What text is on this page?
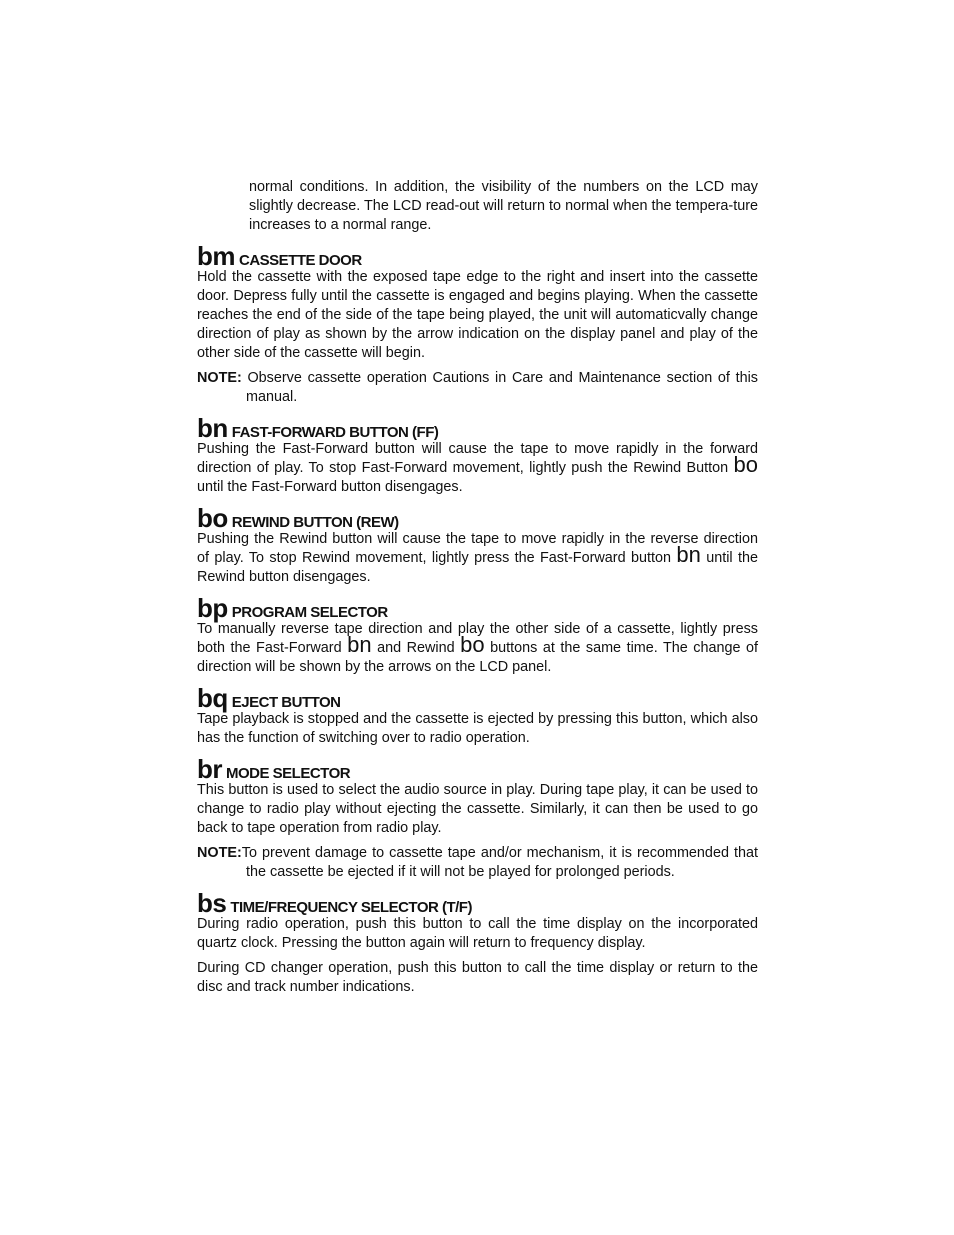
normal conditions. In addition, the visibility of the numbers on the LCD may slightly decrease. The LCD read-out will return to normal when the tempera-ture increases to a normal range.
bm CASSETTE DOOR

Hold the cassette with the exposed tape edge to the right and insert into the cassette door. Depress fully until the cassette is engaged and begins playing. When the cassette reaches the end of the side of the tape being played, the unit will automaticvally change direction of play as shown by the arrow indication on the display panel and play of the other side of the cassette will begin.

NOTE: Observe cassette operation Cautions in Care and Maintenance section of this manual.
bn FAST-FORWARD BUTTON (FF)

Pushing the Fast-Forward button will cause the tape to move rapidly in the forward direction of play. To stop Fast-Forward movement, lightly push the Rewind Button bo until the Fast-Forward button disengages.

bo REWIND BUTTON (REW)

Pushing the Rewind button will cause the tape to move rapidly in the reverse direction of play. To stop Rewind movement, lightly press the Fast-Forward button bn until the Rewind button disengages.

bp PROGRAM SELECTOR

To manually reverse tape direction and play the other side of a cassette, lightly press both the Fast-Forward bn and Rewind bo buttons at the same time. The change of direction will be shown by the arrows on the LCD panel.

bq EJECT BUTTON

Tape playback is stopped and the cassette is ejected by pressing this button, which also has the function of switching over to radio operation.

br MODE SELECTOR

This button is used to select the audio source in play. During tape play, it can be used to change to radio play without ejecting the cassette. Similarly, it can then be used to go back to tape operation from radio play.

NOTE:To prevent damage to cassette tape and/or mechanism, it is recommended that the cassette be ejected if it will not be played for prolonged periods.
bs TIME/FREQUENCY SELECTOR (T/F)

During radio operation, push this button to call the time display on the incorporated quartz clock. Pressing the button again will return to frequency display.

During CD changer operation, push this button to call the time display or return to the disc and track number indications.
